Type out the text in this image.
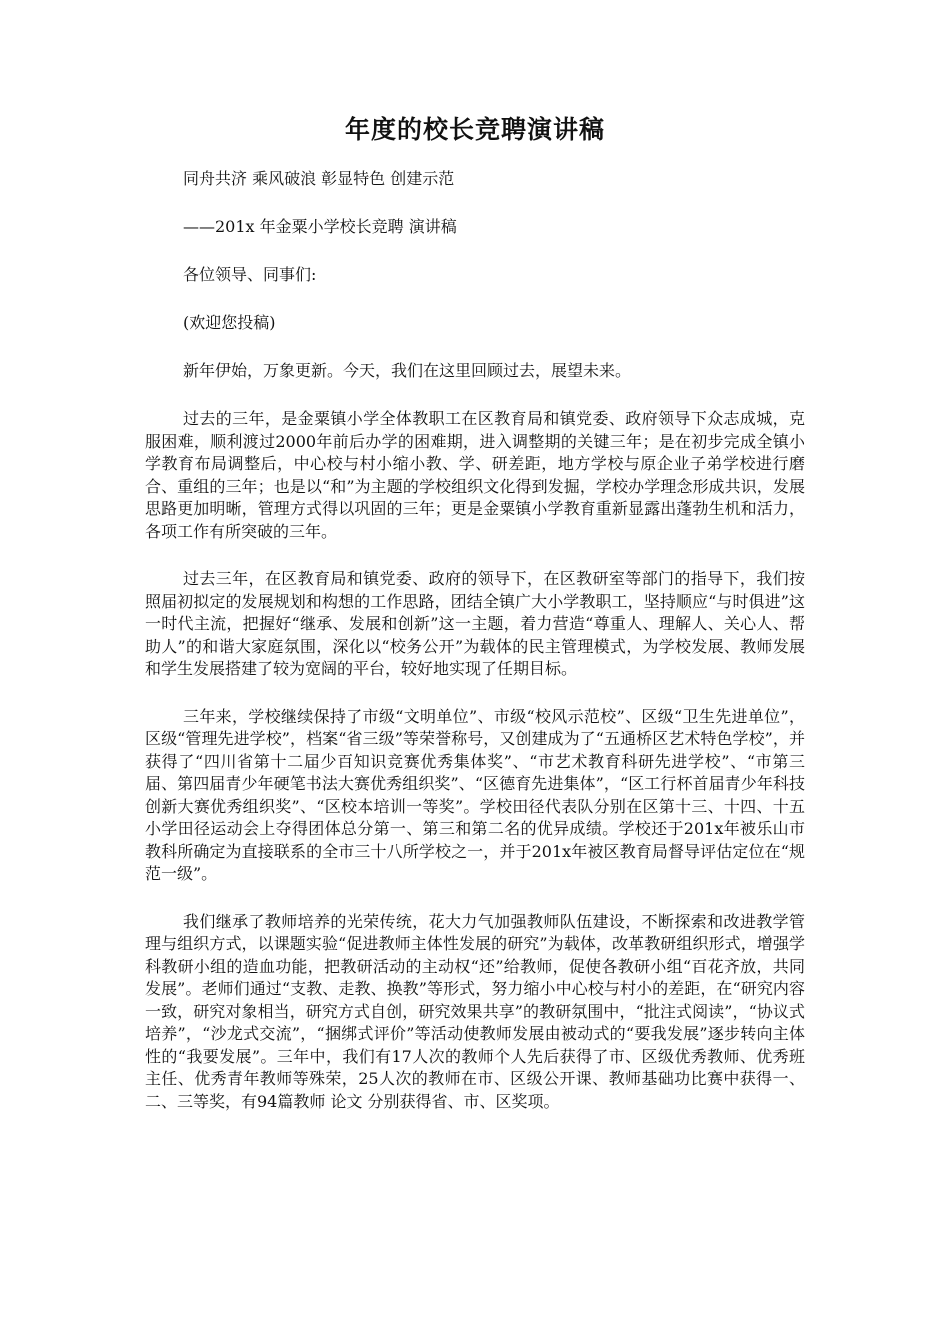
年度的校长竞聘演讲稿

同舟共济 乘风破浪 彰显特色 创建示范

——201x 年金粟小学校长竞聘 演讲稿

各位领导、同事们:

(欢迎您投稿)

新年伊始，万象更新。今天，我们在这里回顾过去，展望未来。

过去的三年，是金粟镇小学全体教职工在区教育局和镇党委、政府领导下众志成城，克服困难，顺利渡过2000年前后办学的困难期，进入调整期的关键三年；是在初步完成全镇小学教育布局调整后，中心校与村小缩小教、学、研差距，地方学校与原企业子弟学校进行磨合、重组的三年；也是以“和”为主题的学校组织文化得到发掘，学校办学理念形成共识，发展思路更加明晰，管理方式得以巩固的三年；更是金粟镇小学教育重新显露出蓬勃生机和活力，各项工作有所突破的三年。

过去三年，在区教育局和镇党委、政府的领导下，在区教研室等部门的指导下，我们按照届初拟定的发展规划和构想的工作思路，团结全镇广大小学教职工，坚持顺应“与时俱进”这一时代主流，把握好“继承、发展和创新”这一主题，着力营造“尊重人、理解人、关心人、帮助人”的和谐大家庭氛围，深化以“校务公开”为载体的民主管理模式，为学校发展、教师发展和学生发展搭建了较为宽阔的平台，较好地实现了任期目标。

三年来，学校继续保持了市级“文明单位”、市级“校风示范校”、区级“卫生先进单位”，区级“管理先进学校”，档案“省三级”等荣誉称号，又创建成为了“五通桥区艺术特色学校”，并获得了“四川省第十二届少百知识竞赛优秀集体奖”、“市艺术教育科研先进学校”、“市第三届、第四届青少年硬笔书法大赛优秀组织奖”、“区德育先进集体”，“区工行杯首届青少年科技创新大赛优秀组织奖”、“区校本培训一等奖”。学校田径代表队分别在区第十三、十四、十五小学田径运动会上夺得团体总分第一、第三和第二名的优异成绩。学校还于201x年被乐山市教科所确定为直接联系的全市三十八所学校之一，并于201x年被区教育局督导评估定位在“规范一级”。

我们继承了教师培养的光荣传统，花大力气加强教师队伍建设，不断探索和改进教学管理与组织方式，以课题实验“促进教师主体性发展的研究”为载体，改革教研组织形式，增强学科教研小组的造血功能，把教研活动的主动权“还”给教师，促使各教研小组“百花齐放，共同发展”。老师们通过“支教、走教、换教”等形式，努力缩小中心校与村小的差距，在“研究内容一致，研究对象相当，研究方式自创，研究效果共享”的教研氛围中，“批注式阅读”，“协议式培养”，“沙龙式交流”，“捆绑式评价”等活动使教师发展由被动式的“要我发展”逐步转向主体性的“我要发展”。三年中，我们有17人次的教师个人先后获得了市、区级优秀教师、优秀班主任、优秀青年教师等殊荣，25人次的教师在市、区级公开课、教师基础功比赛中获得一、二、三等奖，有94篇教师 论文 分别获得省、市、区奖项。
